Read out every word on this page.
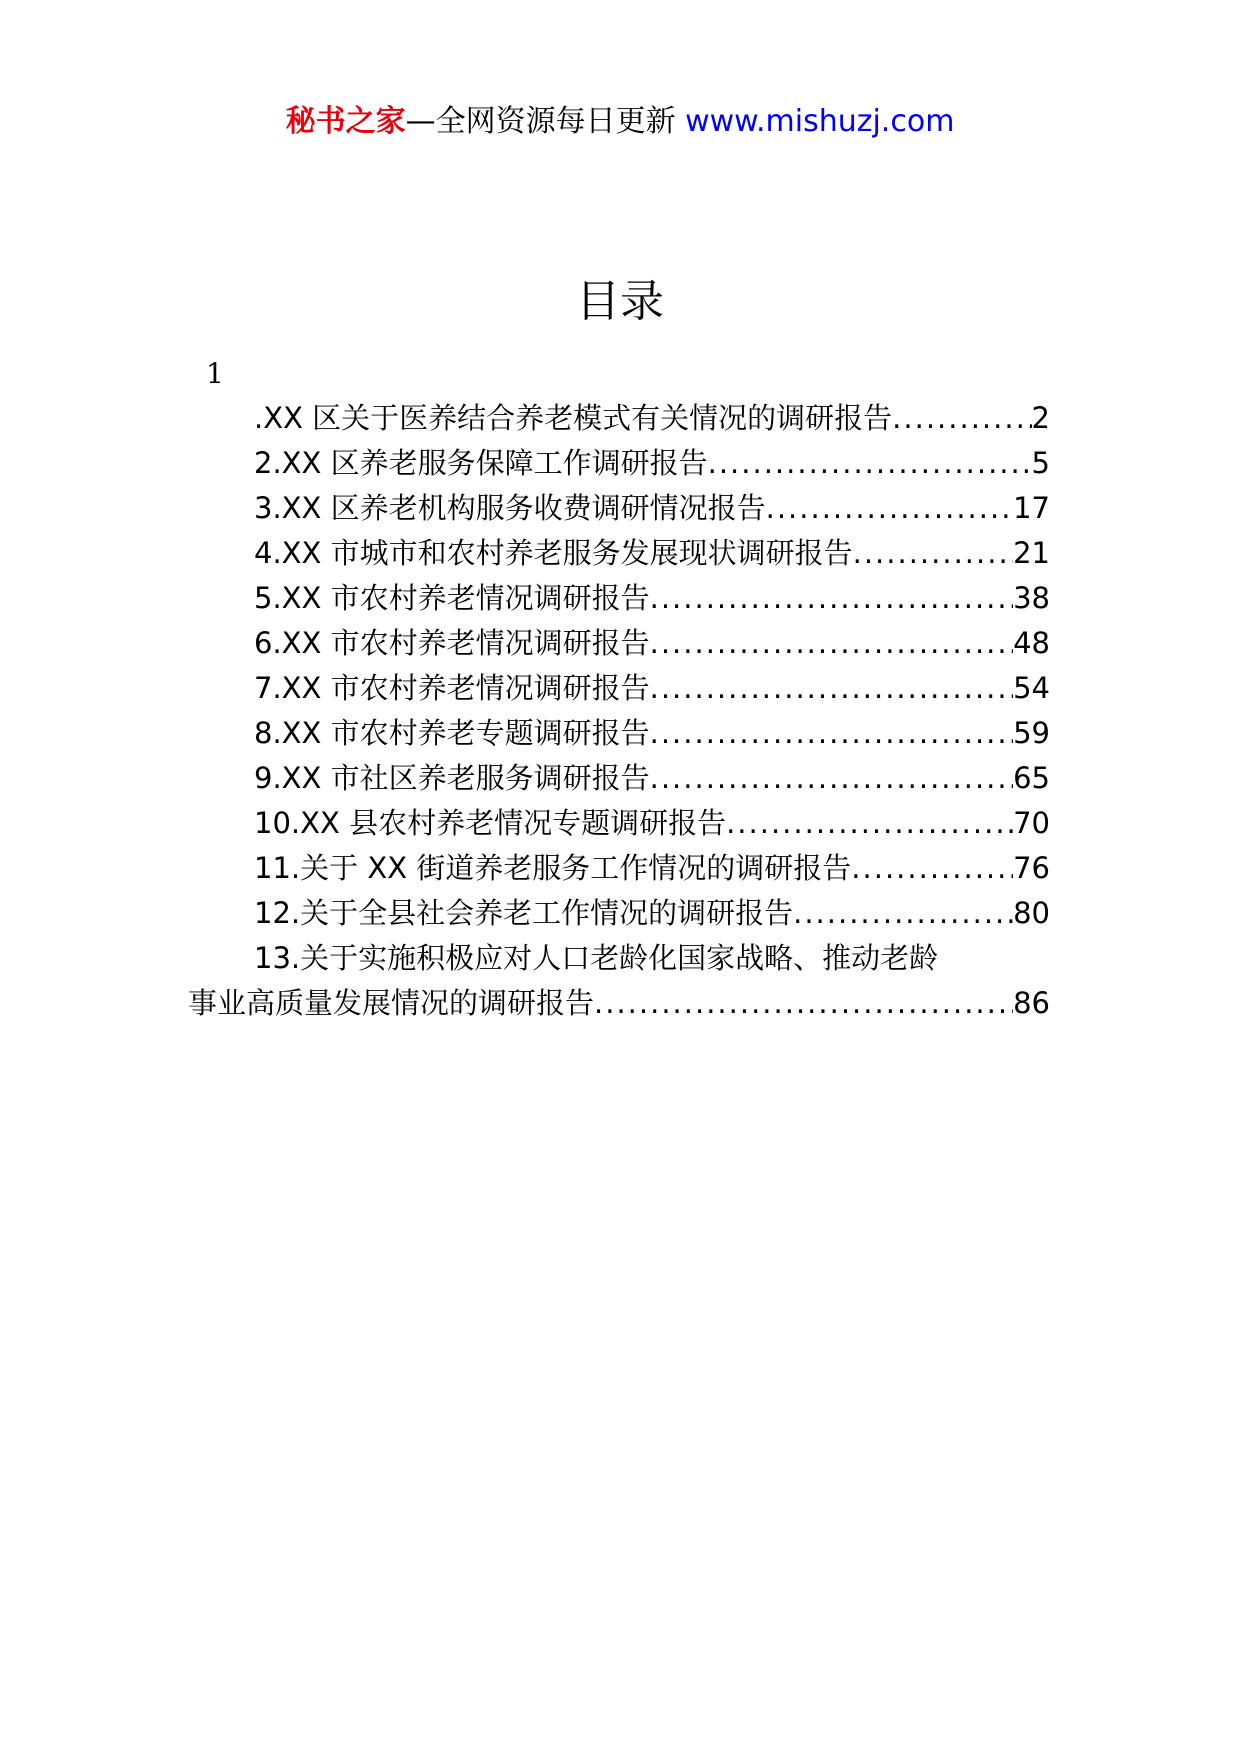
秘书之家—全网资源每日更新 www.mishuzj.com
目录
1
.XX 区关于医养结合养老模式有关情况的调研报告 .....	2
2.XX 区养老服务保障工作调研报告 .....	5
3.XX 区养老机构服务收费调研情况报告 .....	17
4.XX 市城市和农村养老服务发展现状调研报告 .....	21
5.XX 市农村养老情况调研报告 .....	38
6.XX 市农村养老情况调研报告 .....	48
7.XX 市农村养老情况调研报告 .....	54
8.XX 市农村养老专题调研报告 .....	59
9.XX 市社区养老服务调研报告 .....	65
10.XX 县农村养老情况专题调研报告 .....	70
11.关于 XX 街道养老服务工作情况的调研报告 .....	76
12.关于全县社会养老工作情况的调研报告 .....	80
13.关于实施积极应对人口老龄化国家战略、推动老龄
事业高质量发展情况的调研报告 .....	86
